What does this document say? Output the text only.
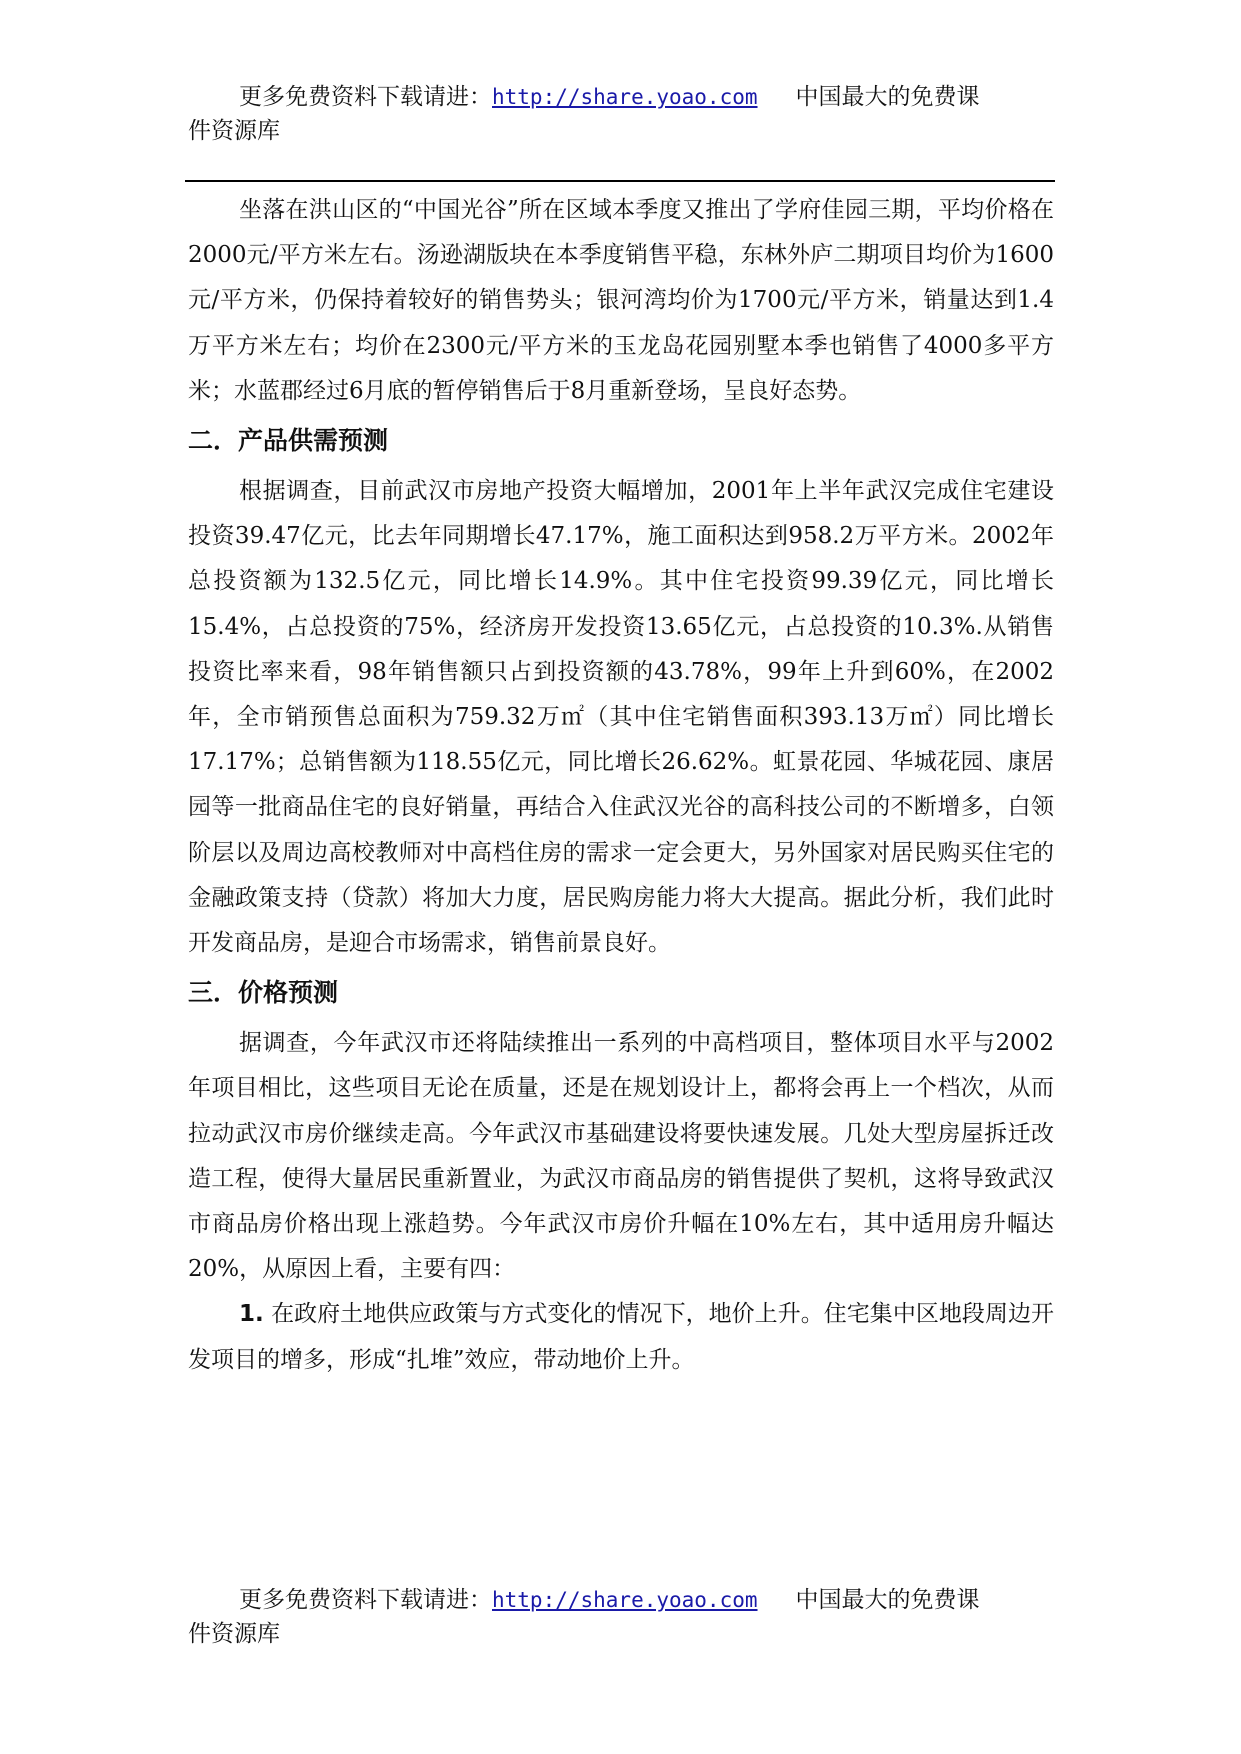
更多免费资料下载请进：http://share.yoao.com 中国最大的免费课
件资源库

坐落在洪山区的“中国光谷”所在区域本季度又推出了学府佳园三期，平均价格在2000元/平方米左右。汤逊湖版块在本季度销售平稳，东林外庐二期项目均价为1600元/平方米，仍保持着较好的销售势头；银河湾均价为1700元/平方米，销量达到1.4万平方米左右；均价在2300元/平方米的玉龙岛花园别墅本季也销售了4000多平方米；水蓝郡经过6月底的暂停销售后于8月重新登场，呈良好态势。

二．产品供需预测

根据调查，目前武汉市房地产投资大幅增加，2001年上半年武汉完成住宅建设投资39.47亿元，比去年同期增长47.17%，施工面积达到958.2万平方米。2002年总投资额为132.5亿元，同比增长14.9%。其中住宅投资99.39亿元，同比增长15.4%，占总投资的75%，经济房开发投资13.65亿元，占总投资的10.3%.从销售投资比率来看，98年销售额只占到投资额的43.78%，99年上升到60%，在2002年，全市销预售总面积为759.32万㎡（其中住宅销售面积393.13万㎡）同比增长17.17%；总销售额为118.55亿元，同比增长26.62%。虹景花园、华城花园、康居园等一批商品住宅的良好销量，再结合入住武汉光谷的高科技公司的不断增多，白领阶层以及周边高校教师对中高档住房的需求一定会更大，另外国家对居民购买住宅的金融政策支持（贷款）将加大力度，居民购房能力将大大提高。据此分析，我们此时开发商品房，是迎合市场需求，销售前景良好。

三．价格预测

据调查，今年武汉市还将陆续推出一系列的中高档项目，整体项目水平与2002年项目相比，这些项目无论在质量，还是在规划设计上，都将会再上一个档次，从而拉动武汉市房价继续走高。今年武汉市基础建设将要快速发展。几处大型房屋拆迁改造工程，使得大量居民重新置业，为武汉市商品房的销售提供了契机，这将导致武汉市商品房价格出现上涨趋势。今年武汉市房价升幅在10%左右，其中适用房升幅达20%，从原因上看，主要有四：

1. 在政府土地供应政策与方式变化的情况下，地价上升。住宅集中区地段周边开发项目的增多，形成“扎堆”效应，带动地价上升。

更多免费资料下载请进：http://share.yoao.com 中国最大的免费课
件资源库
